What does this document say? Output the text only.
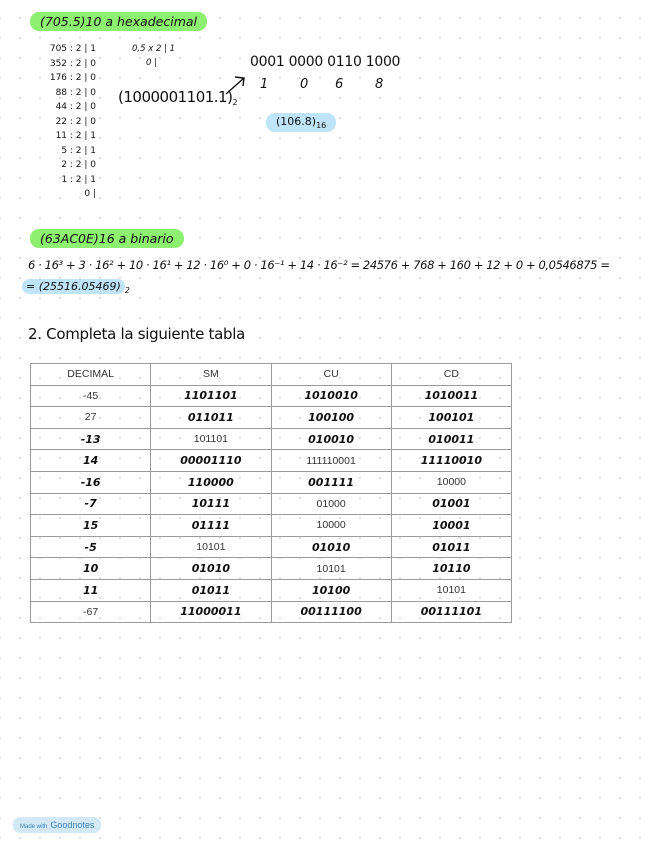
(705.5)10 a hexadecimal
705 : 2 | 1
352 : 2 | 0
176 : 2 | 0
88 : 2 | 0
44 : 2 | 0
22 : 2 | 0
11 : 2 | 1
5 : 2 | 1
2 : 2 | 0
1 : 2 | 1
0 |
0,5 x 2 | 1
0 |
$(1000001101.1)_2$
0001 0000 0110 1000
1 0 6 8
$(106.8)_{16}$
(63AC0E)16 a binario
6 · 16³ + 3 · 16² + 10 · 16¹ + 12 · 16⁰ + 0 · 16⁻¹ + 14 · 16⁻² = 24576 + 768 + 160 + 12 + 0 + 0,0546875 =
= (25516.05469) $_2$
2. Completa la siguiente tabla
DECIMAL	SM	CU	CD
-45	1101101	1010010	1010011
27	011011	100100	100101
-13	101101	010010	010011
14	00001110	111110001	11110010
-16	110000	001111	10000
-7	10111	01000	01001
15	01111	10000	10001
-5	10101	01010	01011
10	01010	10101	10110
11	01011	10100	10101
-67	11000011	00111100	00111101
Made with Goodnotes
